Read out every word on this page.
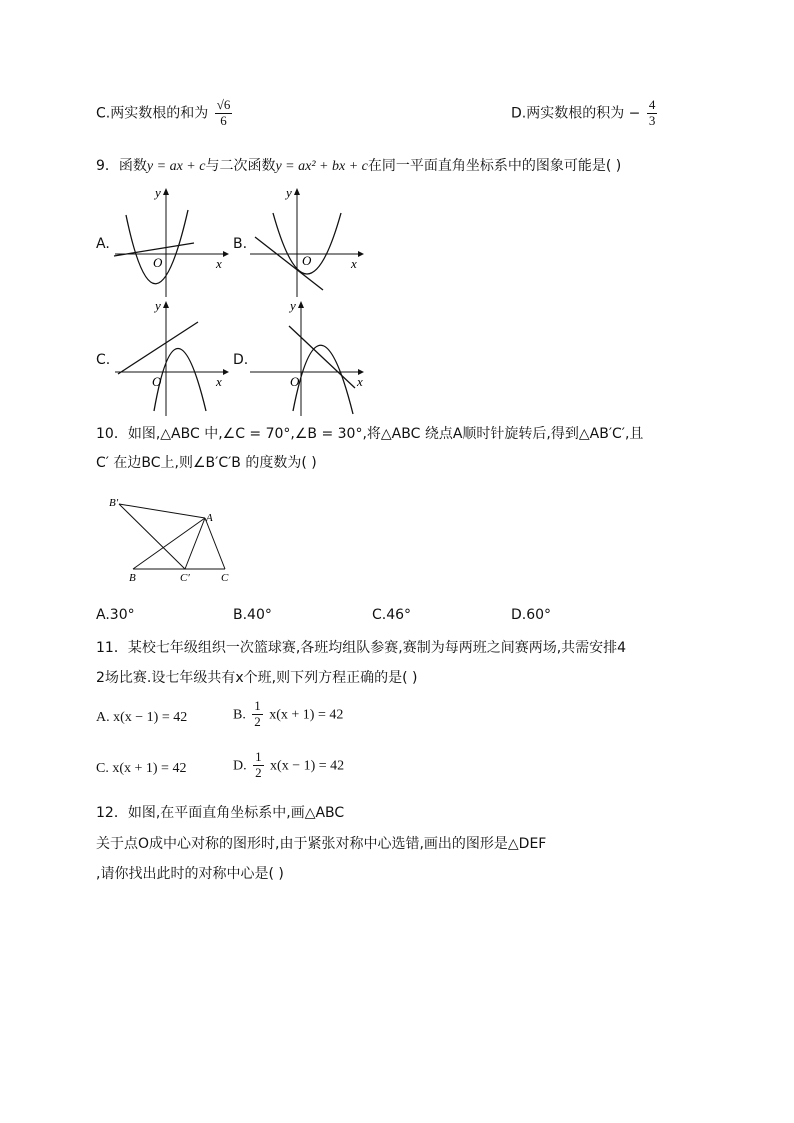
C.两实数根的和为 $\frac{√6}{6}$	D.两实数根的积为 − $\frac{4}{3}$
9．函数y = ax + c与二次函数y = ax² + bx + c在同一平面直角坐标系中的图象可能是( )
A.
x
y
O
B.
x
y
O
C.
x
y
O
D.
x
y
O
10．如图,△ABC 中,∠C = 70°,∠B = 30°,将△ABC 绕点A顺时针旋转后,得到△AB′C′,且
C′ 在边BC上,则∠B′C′B 的度数为( )
B′
A
B	C′	C
A.30°	B.40°	C.46°	D.60°
11．某校七年级组织一次篮球赛,各班均组队参赛,赛制为每两班之间赛两场,共需安排4
2场比赛.设七年级共有x个班,则下列方程正确的是( )
A. x(x − 1) = 42	B. $\frac{1}{2} x(x + 1) = 42$
C. x(x + 1) = 42	D. $\frac{1}{2} x(x - 1) = 42$
12．如图,在平面直角坐标系中,画△ABC
关于点O成中心对称的图形时,由于紧张对称中心选错,画出的图形是△DEF
,请你找出此时的对称中心是( )
